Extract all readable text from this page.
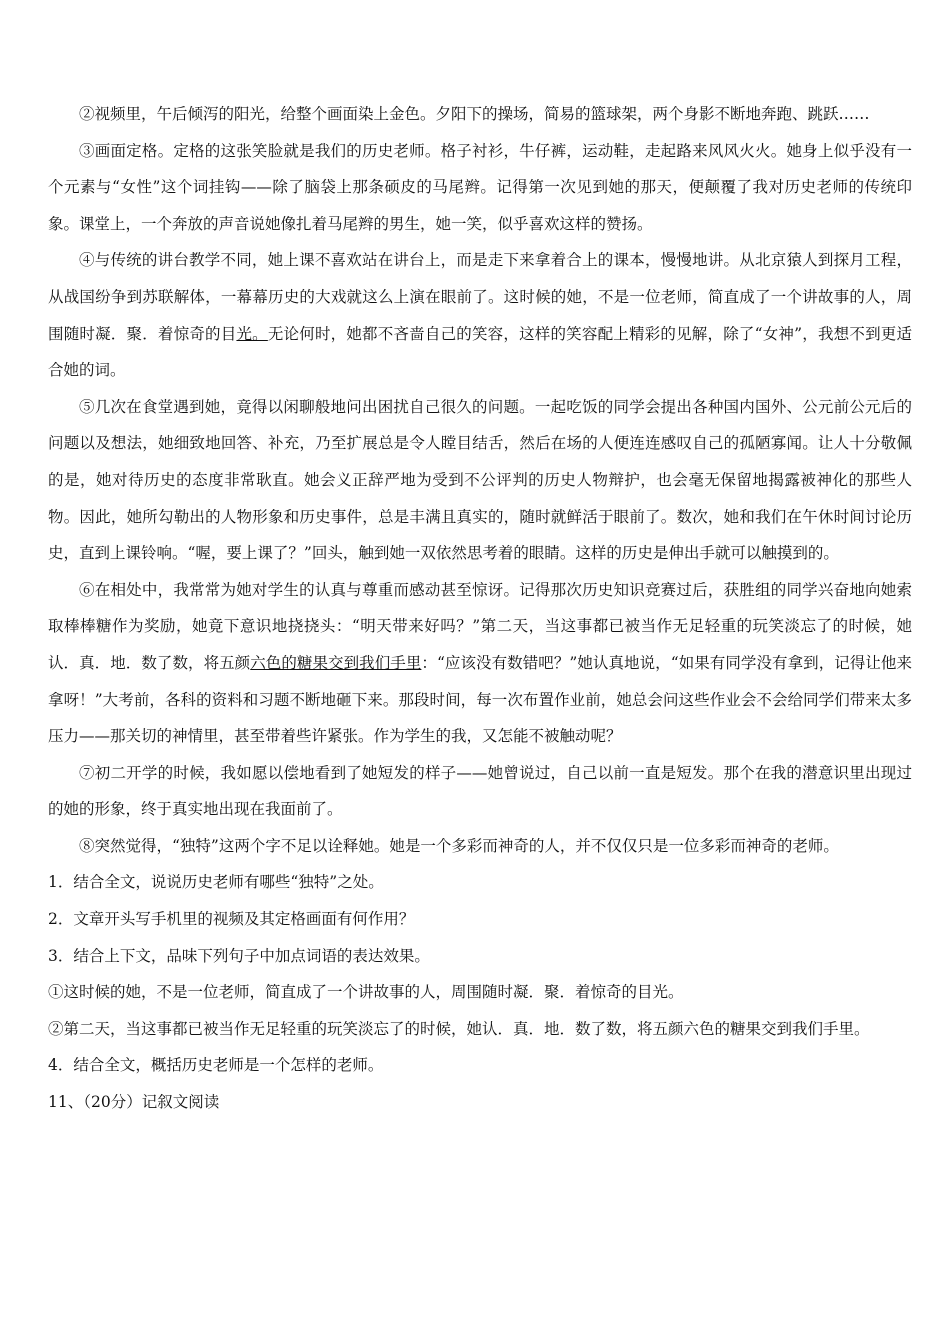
②视频里，午后倾泻的阳光，给整个画面染上金色。夕阳下的操场，简易的篮球架，两个身影不断地奔跑、跳跃……

③画面定格。定格的这张笑脸就是我们的历史老师。格子衬衫，牛仔裤，运动鞋，走起路来风风火火。她身上似乎没有一个元素与“女性”这个词挂钩——除了脑袋上那条硕皮的马尾辫。记得第一次见到她的那天，便颠覆了我对历史老师的传统印象。课堂上，一个奔放的声音说她像扎着马尾辫的男生，她一笑，似乎喜欢这样的赞扬。

④与传统的讲台教学不同，她上课不喜欢站在讲台上，而是走下来拿着合上的课本，慢慢地讲。从北京猿人到探月工程，从战国纷争到苏联解体，一幕幕历史的大戏就这么上演在眼前了。这时候的她，不是一位老师，简直成了一个讲故事的人，周围随时凝．聚．着惊奇的目光。无论何时，她都不吝啬自己的笑容，这样的笑容配上精彩的见解，除了“女神”，我想不到更适合她的词。

⑤几次在食堂遇到她，竟得以闲聊般地问出困扰自己很久的问题。一起吃饭的同学会提出各种国内国外、公元前公元后的问题以及想法，她细致地回答、补充，乃至扩展总是令人瞠目结舌，然后在场的人便连连感叹自己的孤陋寡闻。让人十分敬佩的是，她对待历史的态度非常耿直。她会义正辞严地为受到不公评判的历史人物辩护，也会毫无保留地揭露被神化的那些人物。因此，她所勾勒出的人物形象和历史事件，总是丰满且真实的，随时就鲜活于眼前了。数次，她和我们在午休时间讨论历史，直到上课铃响。“喔，要上课了？”回头，触到她一双依然思考着的眼睛。这样的历史是伸出手就可以触摸到的。

⑥在相处中，我常常为她对学生的认真与尊重而感动甚至惊讶。记得那次历史知识竞赛过后，获胜组的同学兴奋地向她索取棒棒糖作为奖励，她竟下意识地挠挠头：“明天带来好吗？”第二天，当这事都已被当作无足轻重的玩笑淡忘了的时候，她认．真．地．数了数，将五颜六色的糖果交到我们手里：“应该没有数错吧？”她认真地说，“如果有同学没有拿到，记得让他来拿呀！”大考前，各科的资料和习题不断地砸下来。那段时间，每一次布置作业前，她总会问这些作业会不会给同学们带来太多压力——那关切的神情里，甚至带着些许紧张。作为学生的我，又怎能不被触动呢？

⑦初二开学的时候，我如愿以偿地看到了她短发的样子——她曾说过，自己以前一直是短发。那个在我的潜意识里出现过的她的形象，终于真实地出现在我面前了。

⑧突然觉得，“独特”这两个字不足以诠释她。她是一个多彩而神奇的人，并不仅仅只是一位多彩而神奇的老师。

1．结合全文，说说历史老师有哪些“独特”之处。

2．文章开头写手机里的视频及其定格画面有何作用？

3．结合上下文，品味下列句子中加点词语的表达效果。

①这时候的她，不是一位老师，简直成了一个讲故事的人，周围随时凝．聚．着惊奇的目光。

②第二天，当这事都已被当作无足轻重的玩笑淡忘了的时候，她认．真．地．数了数，将五颜六色的糖果交到我们手里。

4．结合全文，概括历史老师是一个怎样的老师。

11、（20分）记叙文阅读
